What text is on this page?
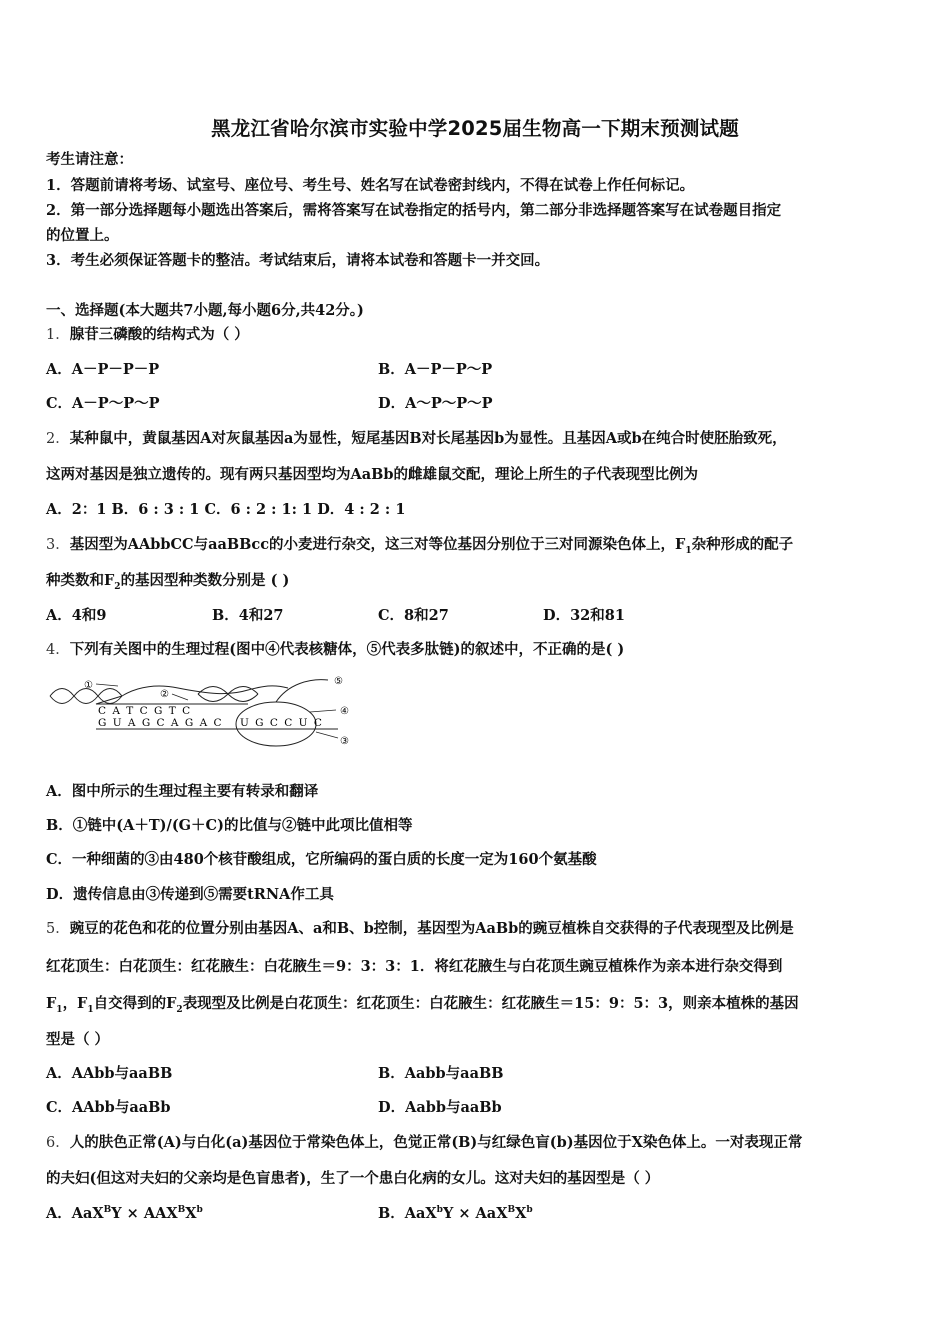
黑龙江省哈尔滨市实验中学2025届生物高一下期末预测试题
考生请注意：
1．答题前请将考场、试室号、座位号、考生号、姓名写在试卷密封线内，不得在试卷上作任何标记。
2．第一部分选择题每小题选出答案后，需将答案写在试卷指定的括号内，第二部分非选择题答案写在试卷题目指定
的位置上。
3．考生必须保证答题卡的整洁。考试结束后，请将本试卷和答题卡一并交回。
一、选择题(本大题共7小题,每小题6分,共42分。)
1．腺苷三磷酸的结构式为（ ）
A．A－P－P－P	B．A－P－P～P
C．A－P～P～P	D．A～P～P～P
2．某种鼠中，黄鼠基因A对灰鼠基因a为显性，短尾基因B对长尾基因b为显性。且基因A或b在纯合时使胚胎致死，
这两对基因是独立遗传的。现有两只基因型均为AaBb的雌雄鼠交配，理论上所生的子代表现型比例为
A．2：1 B．6 : 3 : 1 C．6 : 2 : 1: 1 D．4 : 2 : 1
3．基因型为AAbbCC与aaBBcc的小麦进行杂交，这三对等位基因分别位于三对同源染色体上，$F_1$杂种形成的配子
种类数和$F_2$的基因型种类数分别是 ( )
A．4和9	B．4和27	C．8和27	D．32和81
4．下列有关图中的生理过程(图中④代表核糖体，⑤代表多肽链)的叙述中，不正确的是( )
①
②
C A T C G T C
G U A G C A G A C U G C C U C
⑤
④
③
A．图中所示的生理过程主要有转录和翻译
B．①链中(A＋T)/(G＋C)的比值与②链中此项比值相等
C．一种细菌的③由480个核苷酸组成，它所编码的蛋白质的长度一定为160个氨基酸
D．遗传信息由③传递到⑤需要tRNA作工具
5．豌豆的花色和花的位置分别由基因A、a和B、b控制，基因型为AaBb的豌豆植株自交获得的子代表现型及比例是
红花顶生：白花顶生：红花腋生：白花腋生＝9：3：3：1．将红花腋生与白花顶生豌豆植株作为亲本进行杂交得到
$F_1$，$F_1$自交得到的$F_2$表现型及比例是白花顶生：红花顶生：白花腋生：红花腋生＝15：9：5：3，则亲本植株的基因
型是（ ）
A．AAbb与aaBB	B．Aabb与aaBB
C．AAbb与aaBb	D．Aabb与aaBb
6．人的肤色正常(A)与白化(a)基因位于常染色体上，色觉正常(B)与红绿色盲(b)基因位于X染色体上。一对表现正常
的夫妇(但这对夫妇的父亲均是色盲患者)，生了一个患白化病的女儿。这对夫妇的基因型是（ ）
A．$AaX^BY \times AAX^BX^b$	B．$AaX^bY \times AaX^BX^b$
